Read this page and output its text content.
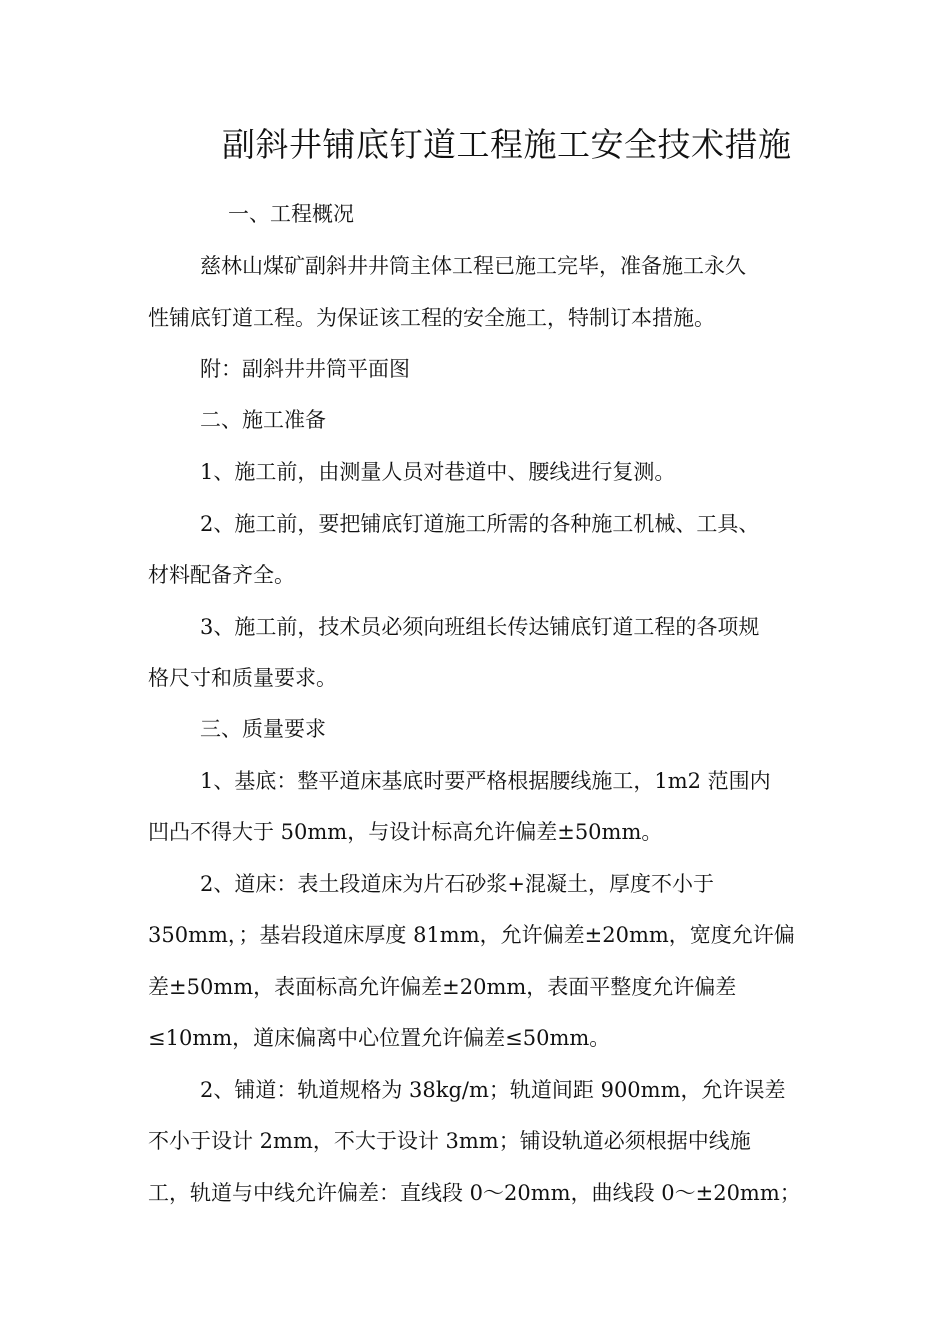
副斜井铺底钉道工程施工安全技术措施
一、工程概况
慈林山煤矿副斜井井筒主体工程已施工完毕，准备施工永久
性铺底钉道工程。为保证该工程的安全施工，特制订本措施。
附：副斜井井筒平面图
二、施工准备
1、施工前，由测量人员对巷道中、腰线进行复测。
2、施工前，要把铺底钉道施工所需的各种施工机械、工具、
材料配备齐全。
3、施工前，技术员必须向班组长传达铺底钉道工程的各项规
格尺寸和质量要求。
三、质量要求
1、基底：整平道床基底时要严格根据腰线施工，1m2 范围内
凹凸不得大于 50mm，与设计标高允许偏差±50mm。
2、道床：表土段道床为片石砂浆+混凝土，厚度不小于
350mm，；基岩段道床厚度 81mm，允许偏差±20mm，宽度允许偏
差±50mm，表面标高允许偏差±20mm，表面平整度允许偏差
≤10mm，道床偏离中心位置允许偏差≤50mm。
2、铺道：轨道规格为 38kg/m；轨道间距 900mm，允许误差
不小于设计 2mm，不大于设计 3mm；铺设轨道必须根据中线施
工，轨道与中线允许偏差：直线段 0～20mm，曲线段 0～±20mm；
